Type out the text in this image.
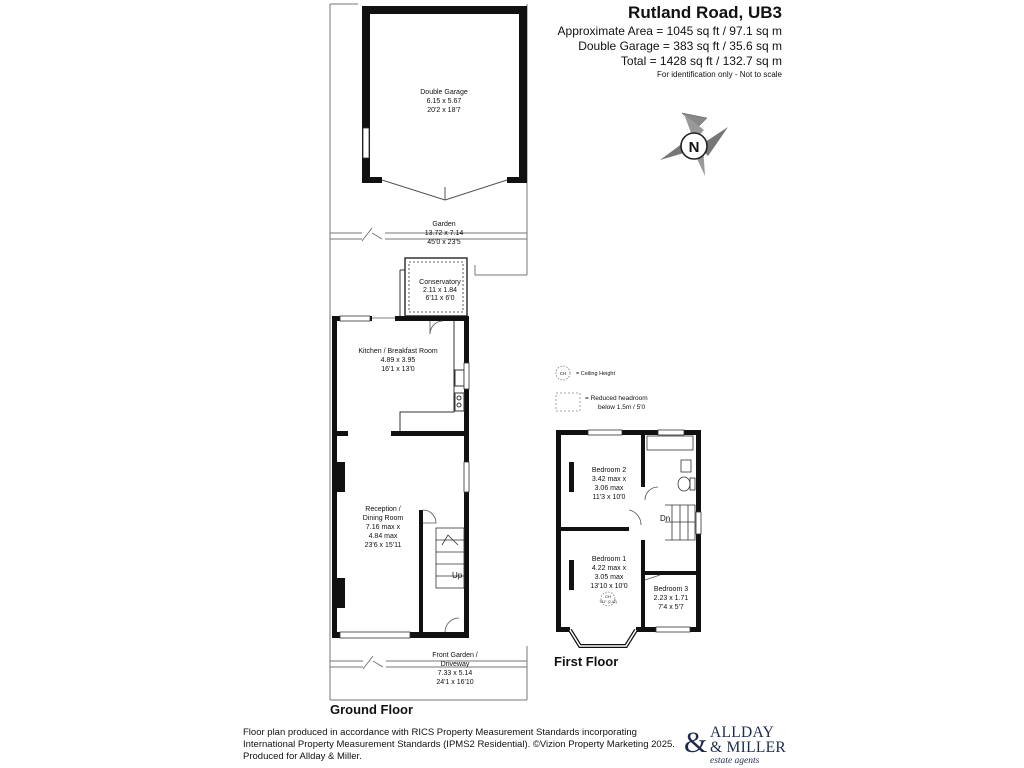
Rutland Road, UB3
Approximate Area = 1045 sq ft / 97.1 sq m
Double Garage = 383 sq ft / 35.6 sq m
Total = 1428 sq ft / 132.7 sq m
For identification only - Not to scale
N
Double Garage
6.15 x 5.67
20'2 x 18'7
Garden
13.72 x 7.14
45'0 x 23'5
Conservatory
2.11 x 1.84
6'11 x 6'0
Up
Kitchen / Breakfast Room
4.89 x 3.95
16'1 x 13'0
Reception /
Dining Room
7.16 max x
4.84 max
23'6 x 15'11
Front Garden /
Driveway
7.33 x 5.14
24'1 x 16'10
CH = Ceiling Height
= Reduced headroom
below 1.5m / 5'0
Dn
CH
7'11" (2.42)
Bedroom 2
3.42 max x
3.06 max
11'3 x 10'0
Bedroom 1
4.22 max x
3.05 max
13'10 x 10'0	Bedroom 3
2.23 x 1.71
7'4 x 5'7
Ground Floor
First Floor
Floor plan produced in accordance with RICS Property Measurement Standards incorporating
International Property Measurement Standards (IPMS2 Residential). ©Vizion Property Marketing 2025.
Produced for Allday & Miller.	& ALLDAY
& MILLER
estate agents
